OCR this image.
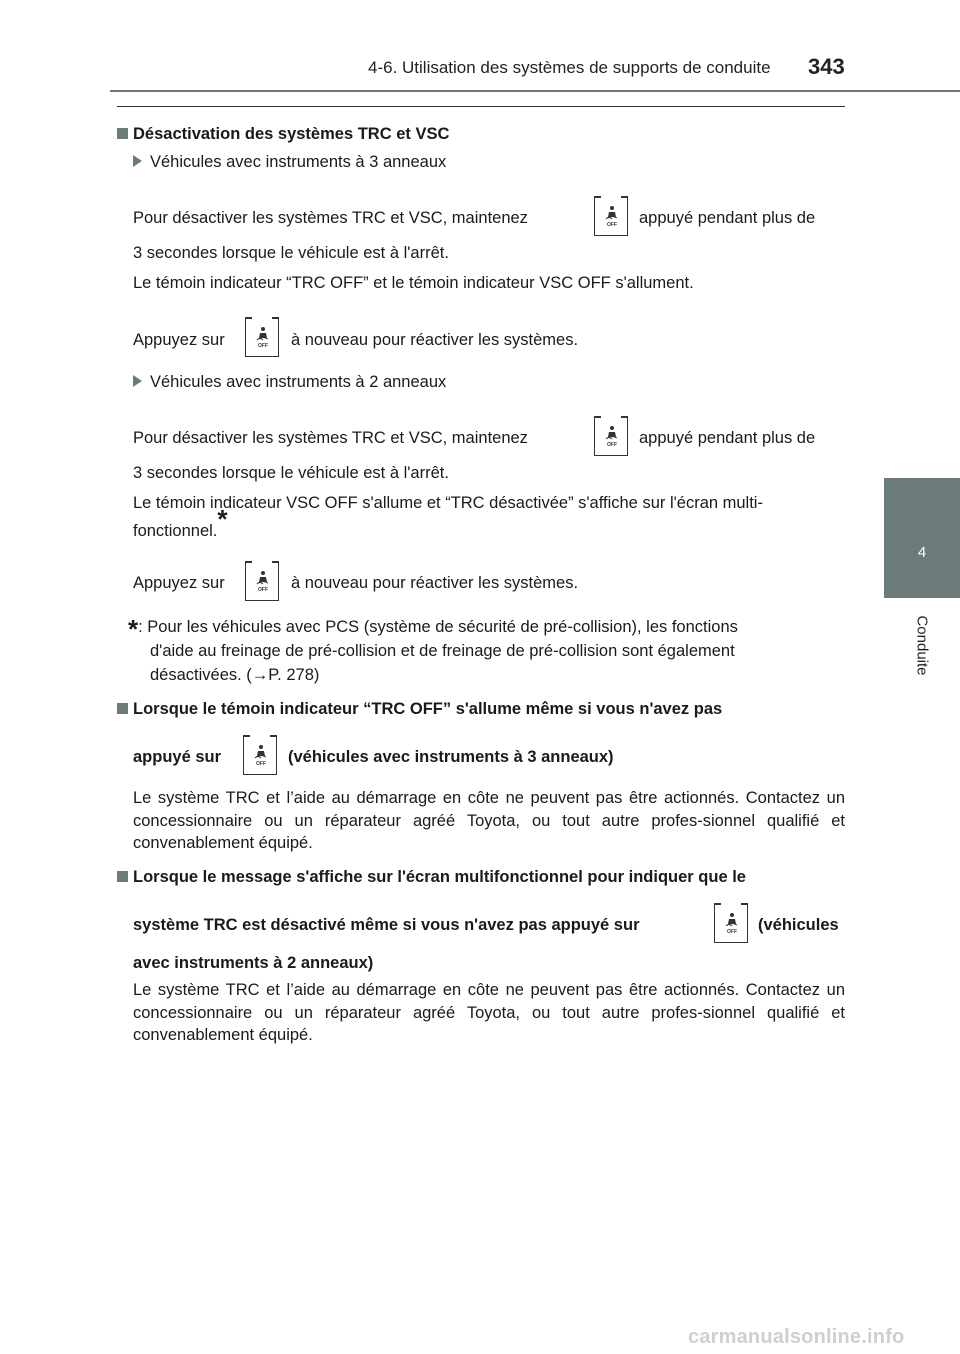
4-6. Utilisation des systèmes de supports de conduite 343
4
Conduite
Désactivation des systèmes TRC et VSC
Véhicules avec instruments à 3 anneaux
Pour désactiver les systèmes TRC et VSC, maintenez	OFF appuyé pendant plus de
3 secondes lorsque le véhicule est à l'arrêt.
Le témoin indicateur “TRC OFF” et le témoin indicateur VSC OFF s'allument.
Appuyez sur	OFF à nouveau pour réactiver les systèmes.
Véhicules avec instruments à 2 anneaux
Pour désactiver les systèmes TRC et VSC, maintenez	OFF appuyé pendant plus de
3 secondes lorsque le véhicule est à l'arrêt.
Le témoin indicateur VSC OFF s'allume et “TRC désactivée” s'affiche sur l'écran multi-
fonctionnel.*
Appuyez sur	OFF à nouveau pour réactiver les systèmes.
*: Pour les véhicules avec PCS (système de sécurité de pré-collision), les fonctions
d'aide au freinage de pré-collision et de freinage de pré-collision sont également
désactivées. (→P. 278)
Lorsque le témoin indicateur “TRC OFF” s'allume même si vous n'avez pas
appuyé sur	OFF (véhicules avec instruments à 3 anneaux)
Le système TRC et l’aide au démarrage en côte ne peuvent pas être actionnés. Contactez un concessionnaire ou un réparateur agréé Toyota, ou tout autre profes-sionnel qualifié et convenablement équipé.
Lorsque le message s'affiche sur l'écran multifonctionnel pour indiquer que le
système TRC est désactivé même si vous n'avez pas appuyé sur	OFF (véhicules
avec instruments à 2 anneaux)
Le système TRC et l’aide au démarrage en côte ne peuvent pas être actionnés. Contactez un concessionnaire ou un réparateur agréé Toyota, ou tout autre profes-sionnel qualifié et convenablement équipé.
carmanualsonline.info
